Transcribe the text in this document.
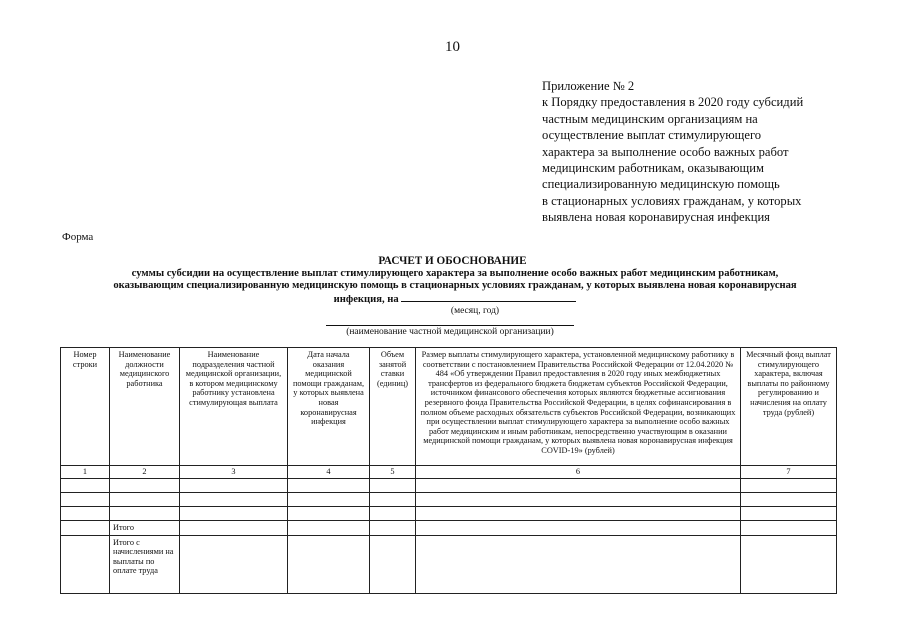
10
Приложение № 2
к Порядку предоставления в 2020 году субсидий
частным медицинским организациям на
осуществление выплат стимулирующего
характера за выполнение особо важных работ
медицинским работникам, оказывающим
специализированную медицинскую помощь
в стационарных условиях гражданам, у которых
выявлена новая коронавирусная инфекция
Форма
РАСЧЕТ И ОБОСНОВАНИЕ
суммы субсидии на осуществление выплат стимулирующего характера за выполнение особо важных работ медицинским работникам,
оказывающим специализированную медицинскую помощь в стационарных условиях гражданам, у которых выявлена новая коронавирусная
инфекция, на
(месяц, год)
(наименование частной медицинской организации)
Номер строки	Наименование должности медицинского работника	Наименование подразделения частной медицинской организации, в котором медицинскому работнику установлена стимулирующая выплата	Дата начала оказания медицинской помощи гражданам, у которых выявлена новая коронавирусная инфекция	Объем занятой ставки (единиц)	Размер выплаты стимулирующего характера, установленной медицинскому работнику в соответствии с постановлением Правительства Российской Федерации от 12.04.2020 № 484 «Об утверждении Правил предоставления в 2020 году иных межбюджетных трансфертов из федерального бюджета бюджетам субъектов Российской Федерации, источником финансового обеспечения которых являются бюджетные ассигнования резервного фонда Правительства Российской Федерации, в целях софинансирования в полном объеме расходных обязательств субъектов Российской Федерации, возникающих при осуществлении выплат стимулирующего характера за выполнение особо важных работ медицинским и иным работникам, непосредственно участвующим в оказании медицинской помощи гражданам, у которых выявлена новая коронавирусная инфекция COVID-19» (рублей)	Месячный фонд выплат стимулирующего характера, включая выплаты по районному регулированию и начисления на оплату труда (рублей)
1	2	3	4	5	6	7

	Итого					
	Итого с начислениями на выплаты по оплате труда					
